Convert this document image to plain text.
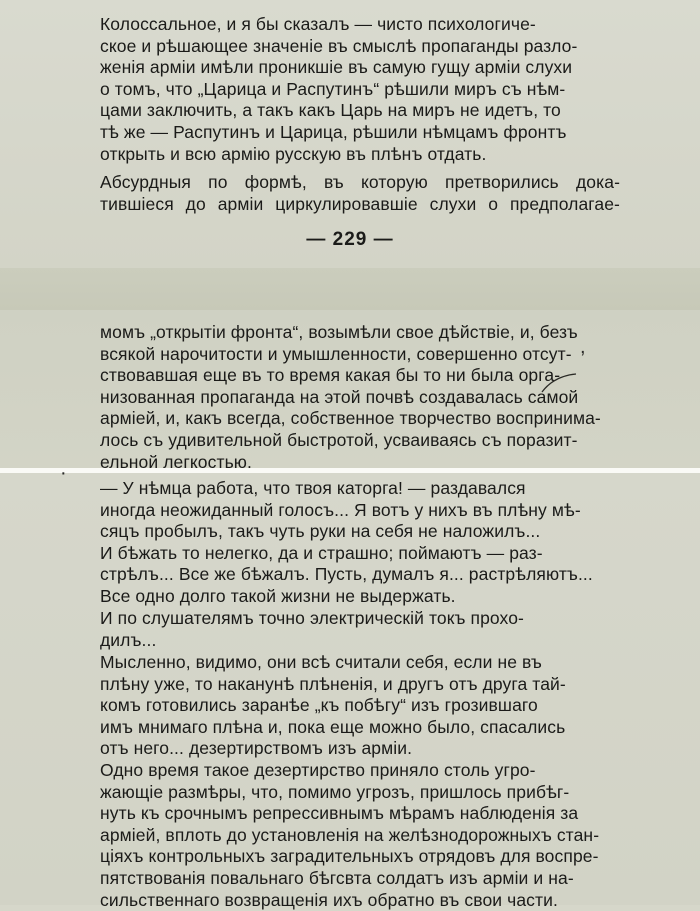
Колоссальное, и я бы сказалъ — чисто психологиче-
ское и рѣшающее значеніе въ смыслѣ пропаганды разло-
женія арміи имѣли проникшіе въ самую гущу арміи слухи
о томъ, что „Царица и Распутинъ“ рѣшили миръ съ нѣм-
цами заключить, а такъ какъ Царь на миръ не идетъ, то
тѣ же — Распутинъ и Царица, рѣшили нѣмцамъ фронтъ
открыть и всю армію русскую въ плѣнъ отдать.

Абсурдныя по формѣ, въ которую претворились дока-
тившіеся до арміи циркулировавшіе слухи о предполагае-

— 229 —

момъ „открытіи фронта“, возымѣли свое дѣйствіе, и, безъ
всякой нарочитости и умышленности, совершенно отсут-
ствовавшая еще въ то время какая бы то ни была орга-
низованная пропаганда на этой почвѣ создавалась самой
арміей, и, какъ всегда, собственное творчество воспринима-
лось съ удивительной быстротой, усваиваясь съ поразит-
ельной легкостью.

,
·

— У нѣмца работа, что твоя каторга! — раздавался
иногда неожиданный голосъ... Я вотъ у нихъ въ плѣну мѣ-
сяцъ пробылъ, такъ чуть руки на себя не наложилъ...
И бѣжать то нелегко, да и страшно; поймаютъ — раз-
стрѣлъ... Все же бѣжалъ. Пусть, думалъ я... растрѣляютъ...
Все одно долго такой жизни не выдержать.

И по слушателямъ точно электрическій токъ прохо-
дилъ...

Мысленно, видимо, они всѣ считали себя, если не въ
плѣну уже, то наканунѣ плѣненія, и другъ отъ друга тай-
комъ готовились заранѣе „къ побѣгу“ изъ грозившаго
имъ мнимаго плѣна и, пока еще можно было, спасались
отъ него... дезертирствомъ изъ арміи.

Одно время такое дезертирство приняло столь угро-
жающіе размѣры, что, помимо угрозъ, пришлось прибѣг-
нуть къ срочнымъ репрессивнымъ мѣрамъ наблюденія за
арміей, вплоть до установленія на желѣзнодорожныхъ стан-
ціяхъ контрольныхъ заградительныхъ отрядовъ для воспре-
пятствованія повальнаго бѣгсвта солдатъ изъ арміи и на-
сильственнаго возвращенія ихъ обратно въ свои части.
